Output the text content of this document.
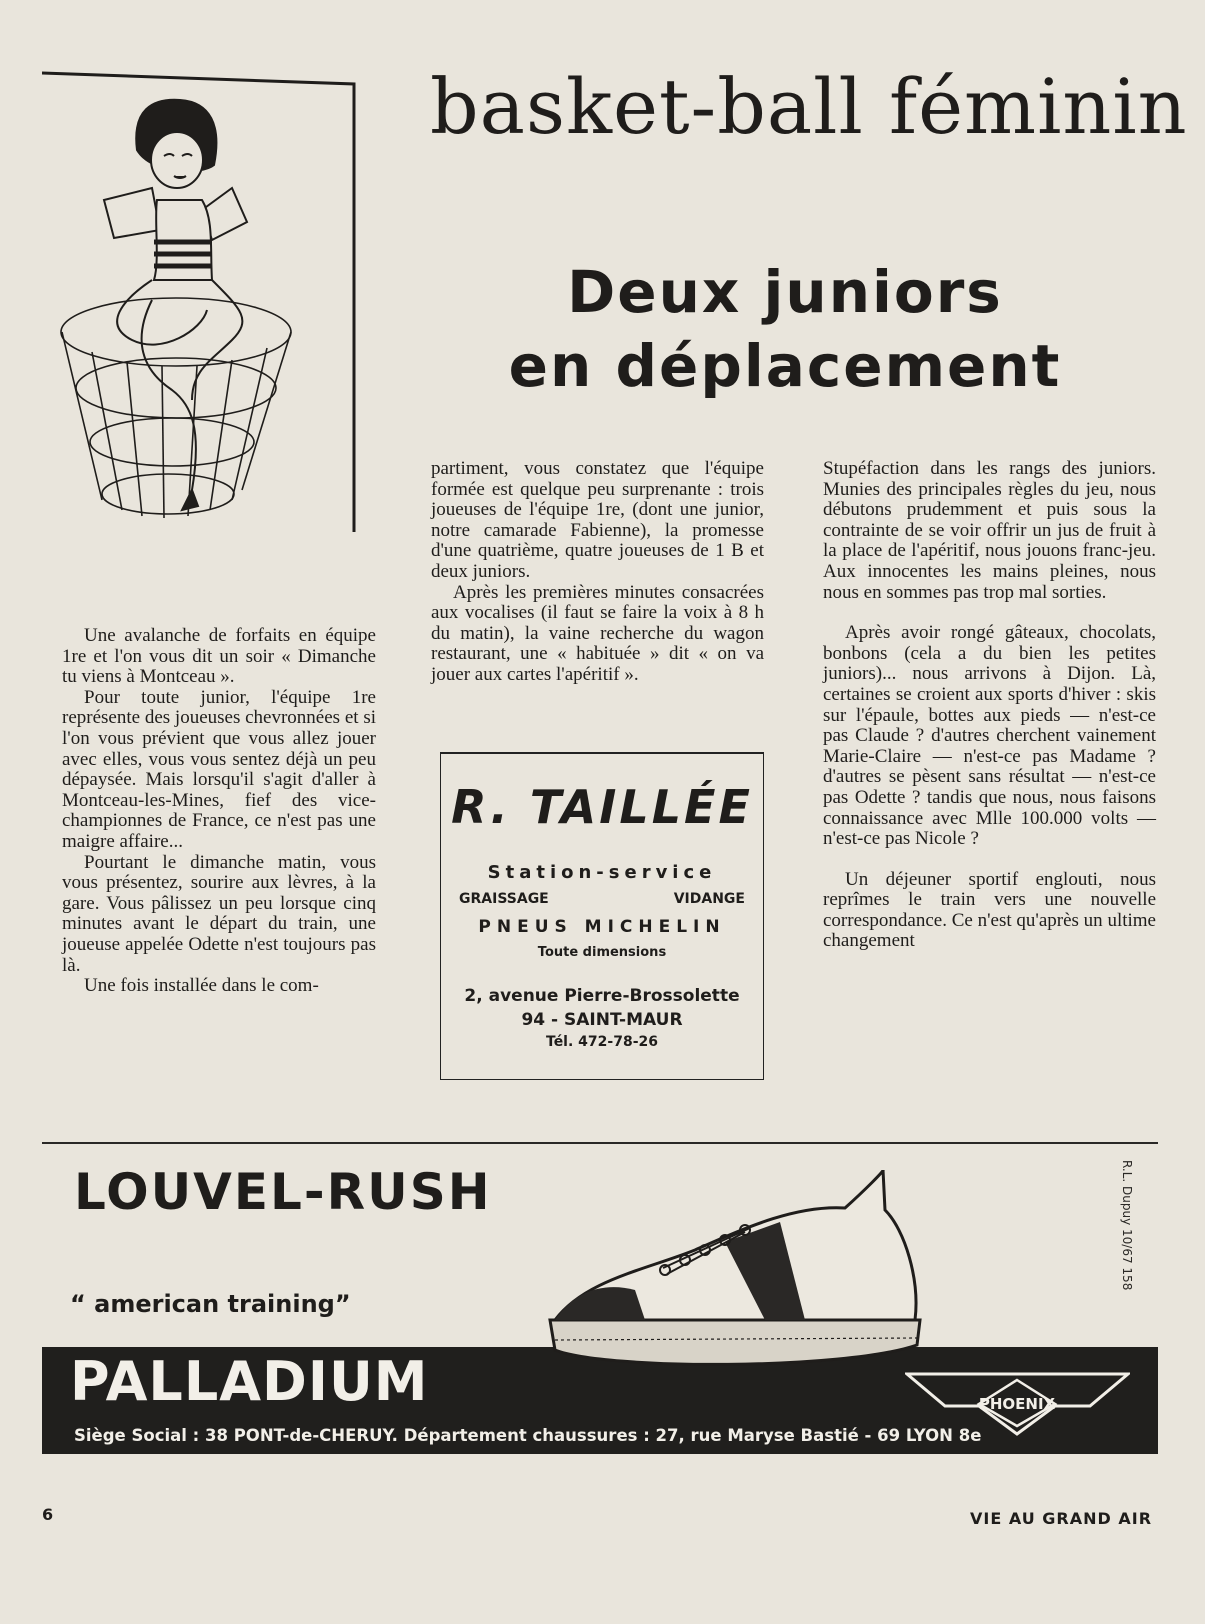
basket-ball féminin
Deux juniors
en déplacement

Une avalanche de forfaits en équipe 1re et l'on vous dit un soir « Dimanche tu viens à Montceau ».

Pour toute junior, l'équipe 1re représente des joueuses chevronnées et si l'on vous prévient que vous allez jouer avec elles, vous vous sentez déjà un peu dépaysée. Mais lorsqu'il s'agit d'aller à Montceau-les-Mines, fief des vice-championnes de France, ce n'est pas une maigre affaire...

Pourtant le dimanche matin, vous vous présentez, sourire aux lèvres, à la gare. Vous pâlissez un peu lorsque cinq minutes avant le départ du train, une joueuse appelée Odette n'est toujours pas là.

Une fois installée dans le com-

partiment, vous constatez que l'équipe formée est quelque peu surprenante : trois joueuses de l'équipe 1re, (dont une junior, notre camarade Fabienne), la promesse d'une quatrième, quatre joueuses de 1 B et deux juniors.

Après les premières minutes consacrées aux vocalises (il faut se faire la voix à 8 h du matin), la vaine recherche du wagon restaurant, une « habituée » dit « on va jouer aux cartes l'apéritif ».

R. TAILLÉE
Station-service
GRAISSAGE	VIDANGE
PNEUS MICHELIN
Toute dimensions
2, avenue Pierre-Brossolette
94 - SAINT-MAUR
Tél. 472-78-26

Stupéfaction dans les rangs des juniors. Munies des principales règles du jeu, nous débutons prudemment et puis sous la contrainte de se voir offrir un jus de fruit à la place de l'apéritif, nous jouons franc-jeu. Aux innocentes les mains pleines, nous nous en sommes pas trop mal sorties.

Après avoir rongé gâteaux, chocolats, bonbons (cela a du bien les petites juniors)... nous arrivons à Dijon. Là, certaines se croient aux sports d'hiver : skis sur l'épaule, bottes aux pieds — n'est-ce pas Claude ? d'autres cherchent vainement Marie-Claire — n'est-ce pas Madame ? d'autres se pèsent sans résultat — n'est-ce pas Odette ? tandis que nous, nous faisons connaissance avec Mlle 100.000 volts — n'est-ce pas Nicole ?

Un déjeuner sportif englouti, nous reprîmes le train vers une nouvelle correspondance. Ce n'est qu'après un ultime changement

LOUVEL-RUSH
“ american training”
R.L. Dupuy 10/67 158
PALLADIUM
Siège Social : 38 PONT-de-CHERUY. Département chaussures : 27, rue Maryse Bastié - 69 LYON 8e
PHOENIX
6	VIE AU GRAND AIR
